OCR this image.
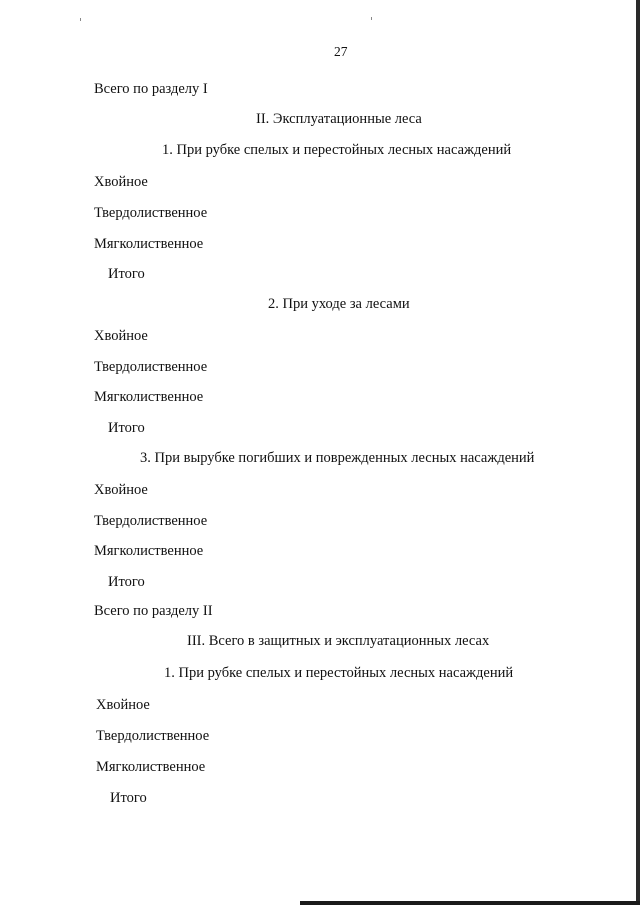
27

Всего по разделу I

II. Эксплуатационные леса

1. При рубке спелых и перестойных лесных насаждений

Хвойное

Твердолиственное

Мягколиственное

Итого

2. При уходе за лесами

Хвойное

Твердолиственное

Мягколиственное

Итого

3. При вырубке погибших и поврежденных лесных насаждений

Хвойное

Твердолиственное

Мягколиственное

Итого

Всего по разделу II

III. Всего в защитных и эксплуатационных лесах

1. При рубке спелых и перестойных лесных насаждений

Хвойное

Твердолиственное

Мягколиственное

Итого
